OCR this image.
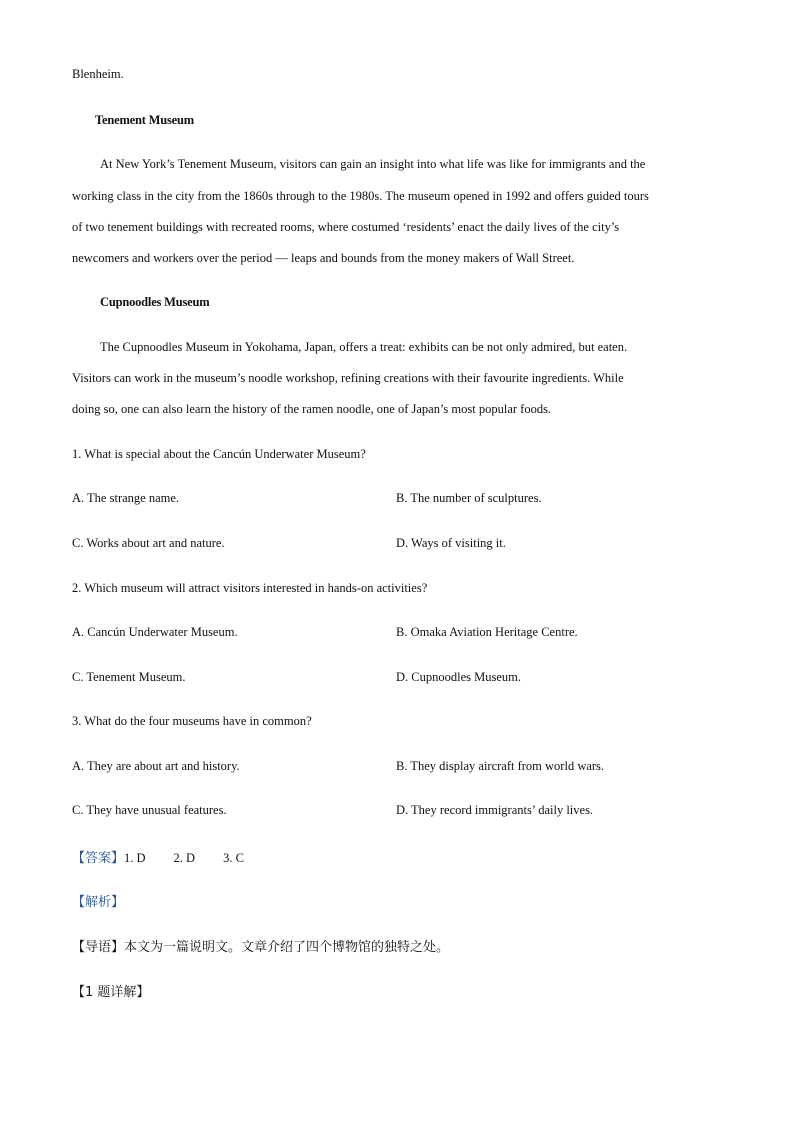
Blenheim.
Tenement Museum
At New York’s Tenement Museum, visitors can gain an insight into what life was like for immigrants and the
working class in the city from the 1860s through to the 1980s. The museum opened in 1992 and offers guided tours
of two tenement buildings with recreated rooms, where costumed ‘residents’ enact the daily lives of the city’s
newcomers and workers over the period — leaps and bounds from the money makers of Wall Street.
Cupnoodles Museum
The Cupnoodles Museum in Yokohama, Japan, offers a treat: exhibits can be not only admired, but eaten.
Visitors can work in the museum’s noodle workshop, refining creations with their favourite ingredients. While
doing so, one can also learn the history of the ramen noodle, one of Japan’s most popular foods.
1. What is special about the Cancún Underwater Museum?
A. The strange name.	B. The number of sculptures.
C. Works about art and nature.	D. Ways of visiting it.
2. Which museum will attract visitors interested in hands-on activities?
A. Cancún Underwater Museum.	B. Omaka Aviation Heritage Centre.
C. Tenement Museum.	D. Cupnoodles Museum.
3. What do the four museums have in common?
A. They are about art and history.	B. They display aircraft from world wars.
C. They have unusual features.	D. They record immigrants’ daily lives.
【答案】1. D 2. D 3. C
【解析】
【导语】本文为一篇说明文。文章介绍了四个博物馆的独特之处。
【1 题详解】
